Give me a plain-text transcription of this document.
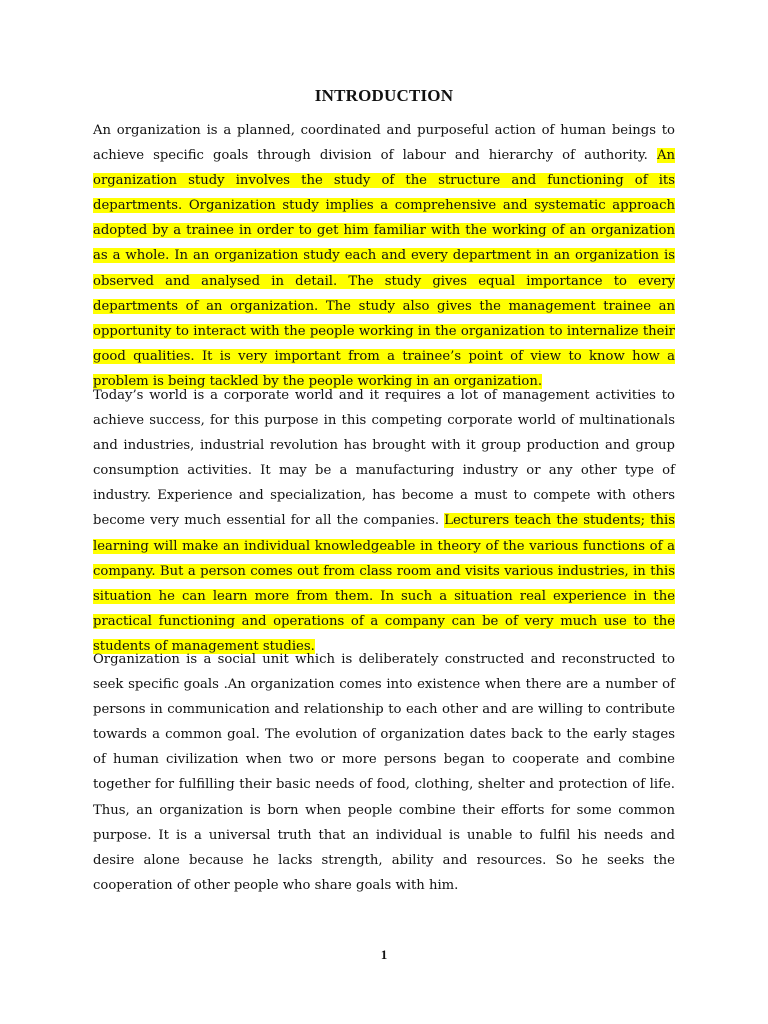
INTRODUCTION

An organization is a planned, coordinated and purposeful action of human beings to achieve specific goals through division of labour and hierarchy of authority. An organization study involves the study of the structure and functioning of its departments. Organization study implies a comprehensive and systematic approach adopted by a trainee in order to get him familiar with the working of an organization as a whole. In an organization study each and every department in an organization is observed and analysed in detail. The study gives equal importance to every departments of an organization. The study also gives the management trainee an opportunity to interact with the people working in the organization to internalize their good qualities. It is very important from a trainee’s point of view to know how a problem is being tackled by the people working in an organization.

Today’s world is a corporate world and it requires a lot of management activities to achieve success, for this purpose in this competing corporate world of multinationals and industries, industrial revolution has brought with it group production and group consumption activities. It may be a manufacturing industry or any other type of industry. Experience and specialization, has become a must to compete with others become very much essential for all the companies. Lecturers teach the students; this learning will make an individual knowledgeable in theory of the various functions of a company. But a person comes out from class room and visits various industries, in this situation he can learn more from them. In such a situation real experience in the practical functioning and operations of a company can be of very much use to the students of management studies.

Organization is a social unit which is deliberately constructed and reconstructed to seek specific goals .An organization comes into existence when there are a number of persons in communication and relationship to each other and are willing to contribute towards a common goal. The evolution of organization dates back to the early stages of human civilization when two or more persons began to cooperate and combine together for fulfilling their basic needs of food, clothing, shelter and protection of life. Thus, an organization is born when people combine their efforts for some common purpose. It is a universal truth that an individual is unable to fulfil his needs and desire alone because he lacks strength, ability and resources. So he seeks the cooperation of other people who share goals with him.

1
